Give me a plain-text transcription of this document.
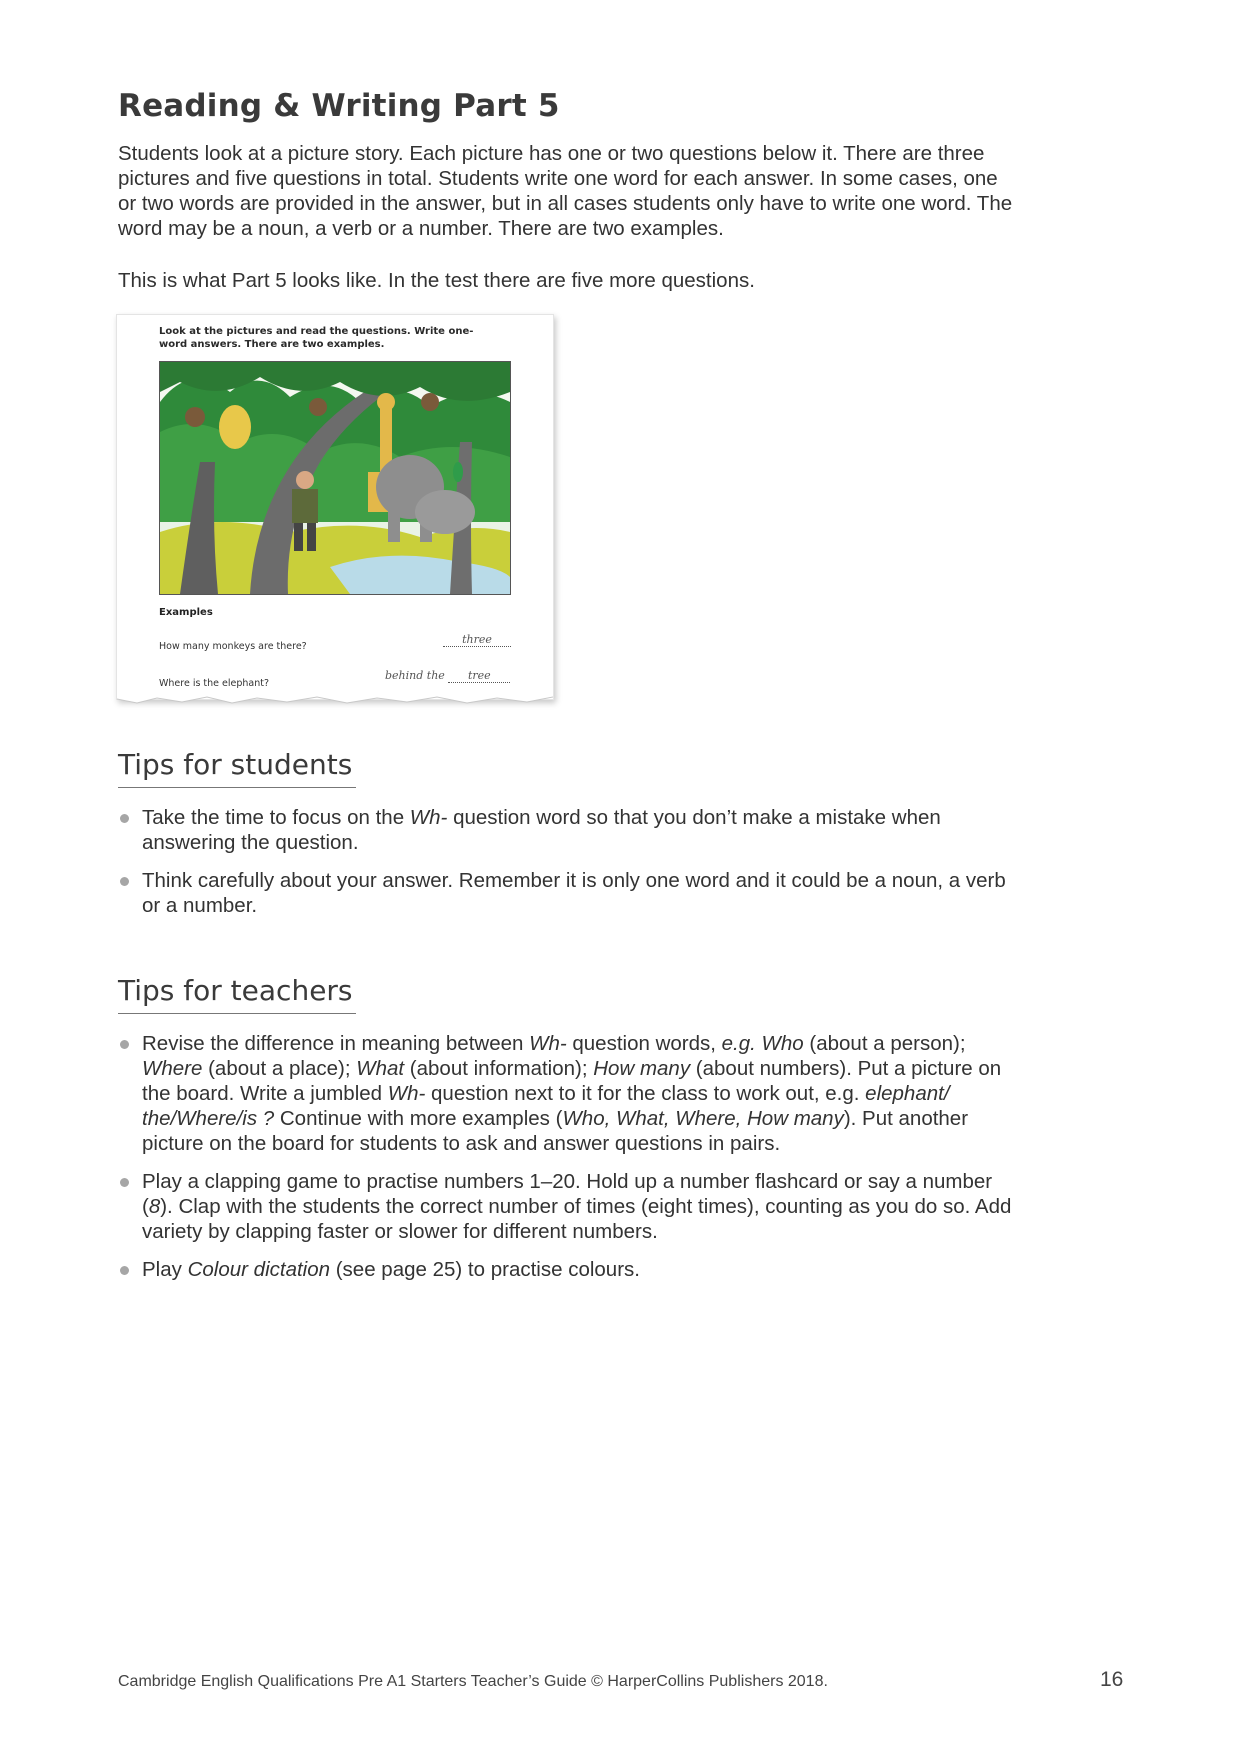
Reading & Writing Part 5

Students look at a picture story. Each picture has one or two questions below it. There are three pictures and five questions in total. Students write one word for each answer. In some cases, one or two words are provided in the answer, but in all cases students only have to write one word. The word may be a noun, a verb or a number. There are two examples.

This is what Part 5 looks like. In the test there are five more questions.

Look at the pictures and read the questions. Write one-word answers. There are two examples.

Examples

How many monkeys are there?
three
Where is the elephant?
behind the tree
Tips for students
Take the time to focus on the Wh- question word so that you don’t make a mistake when answering the question.
Think carefully about your answer. Remember it is only one word and it could be a noun, a verb or a number.
Tips for teachers
Revise the difference in meaning between Wh- question words, e.g. Who (about a person); Where (about a place); What (about information); How many (about numbers). Put a picture on the board. Write a jumbled Wh- question next to it for the class to work out, e.g. elephant/ the/Where/is ? Continue with more examples (Who, What, Where, How many). Put another picture on the board for students to ask and answer questions in pairs.
Play a clapping game to practise numbers 1–20. Hold up a number flashcard or say a number (8). Clap with the students the correct number of times (eight times), counting as you do so. Add variety by clapping faster or slower for different numbers.
Play Colour dictation (see page 25) to practise colours.
Cambridge English Qualifications Pre A1 Starters Teacher’s Guide © HarperCollins Publishers 2018.	16
